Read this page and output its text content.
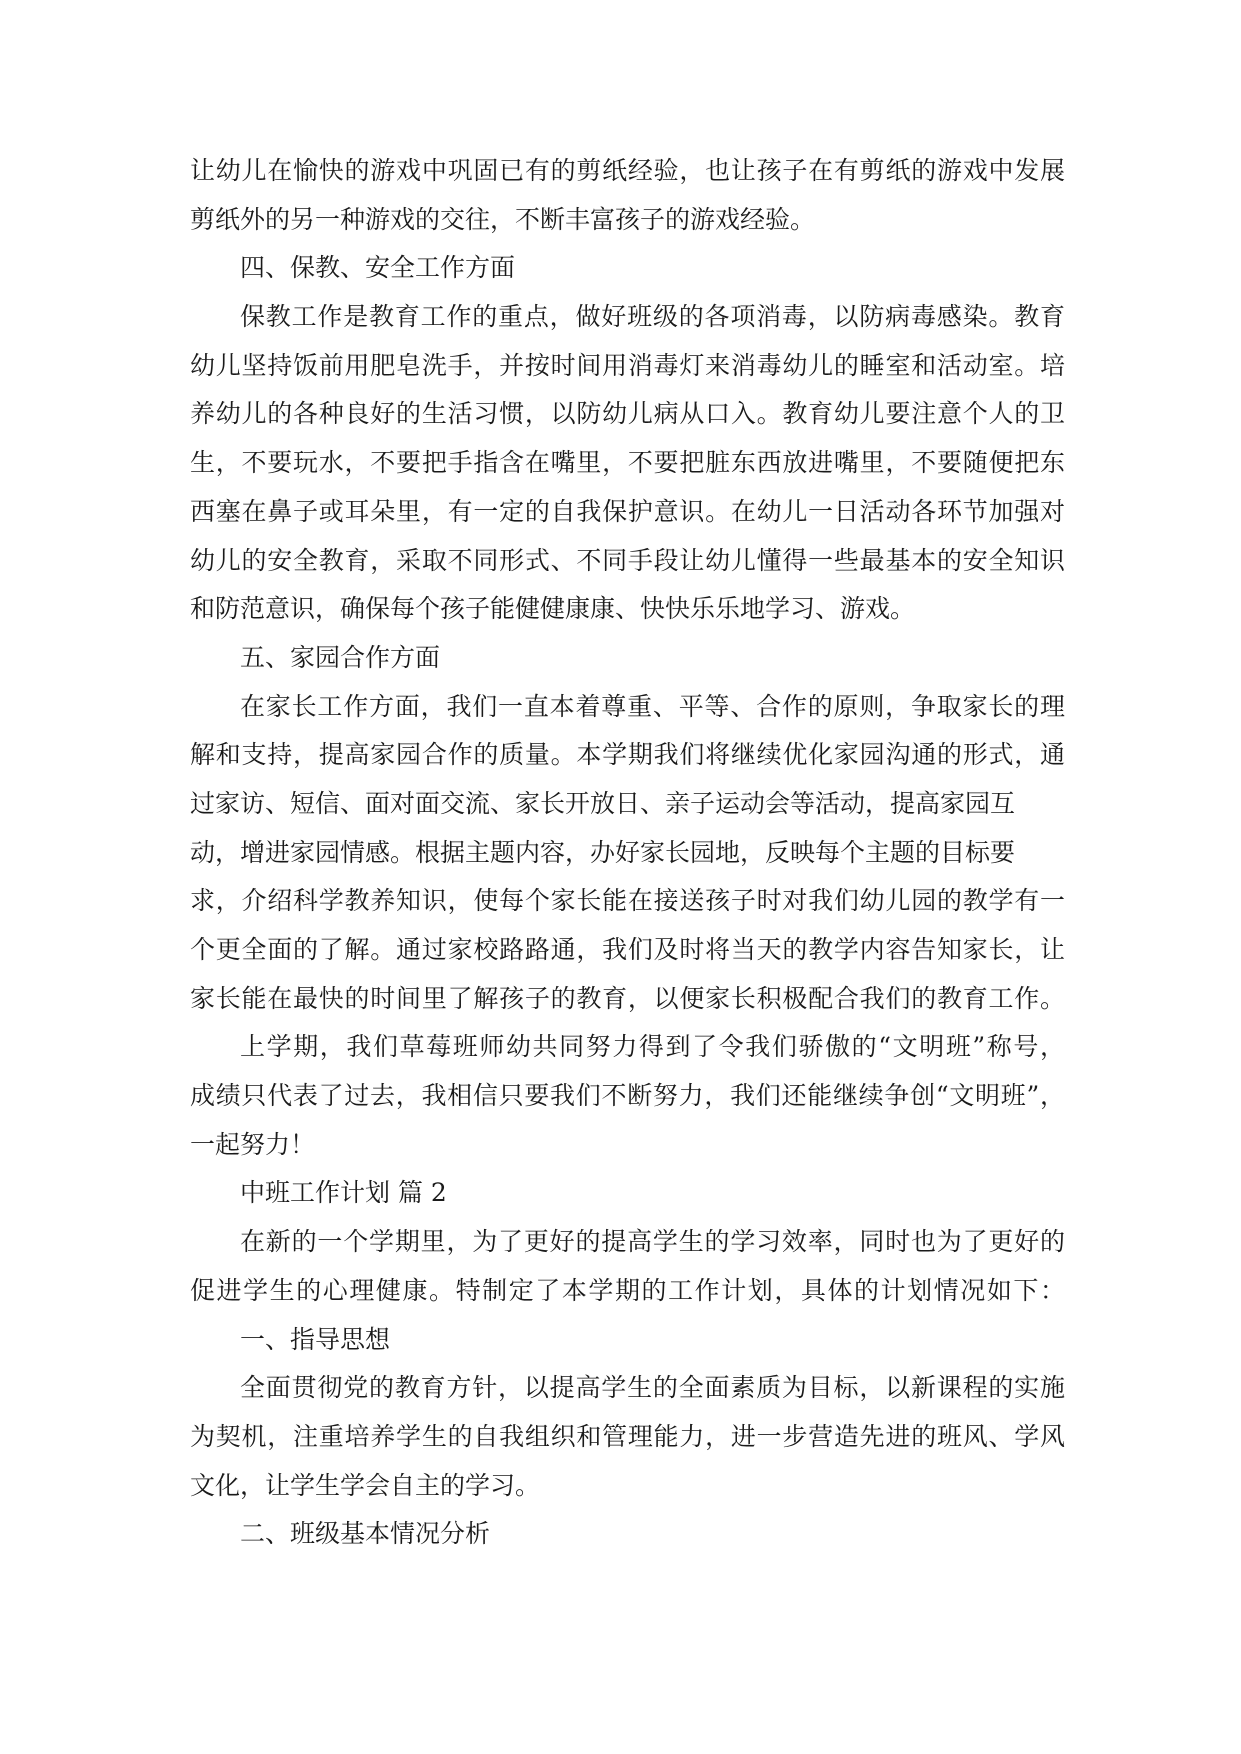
让幼儿在愉快的游戏中巩固已有的剪纸经验，也让孩子在有剪纸的游戏中发展
剪纸外的另一种游戏的交往，不断丰富孩子的游戏经验。
四、保教、安全工作方面
保教工作是教育工作的重点，做好班级的各项消毒，以防病毒感染。教育
幼儿坚持饭前用肥皂洗手，并按时间用消毒灯来消毒幼儿的睡室和活动室。培
养幼儿的各种良好的生活习惯，以防幼儿病从口入。教育幼儿要注意个人的卫
生，不要玩水，不要把手指含在嘴里，不要把脏东西放进嘴里，不要随便把东
西塞在鼻子或耳朵里，有一定的自我保护意识。在幼儿一日活动各环节加强对
幼儿的安全教育，采取不同形式、不同手段让幼儿懂得一些最基本的安全知识
和防范意识，确保每个孩子能健健康康、快快乐乐地学习、游戏。
五、家园合作方面
在家长工作方面，我们一直本着尊重、平等、合作的原则，争取家长的理
解和支持，提高家园合作的质量。本学期我们将继续优化家园沟通的形式，通
过家访、短信、面对面交流、家长开放日、亲子运动会等活动，提高家园互
动，增进家园情感。根据主题内容，办好家长园地，反映每个主题的目标要
求，介绍科学教养知识，使每个家长能在接送孩子时对我们幼儿园的教学有一
个更全面的了解。通过家校路路通，我们及时将当天的教学内容告知家长，让
家长能在最快的时间里了解孩子的教育，以便家长积极配合我们的教育工作。
上学期，我们草莓班师幼共同努力得到了令我们骄傲的“文明班”称号，
成绩只代表了过去，我相信只要我们不断努力，我们还能继续争创“文明班”，
一起努力！
中班工作计划 篇 2
在新的一个学期里，为了更好的提高学生的学习效率，同时也为了更好的
促进学生的心理健康。特制定了本学期的工作计划，具体的计划情况如下：
一、指导思想
全面贯彻党的教育方针，以提高学生的全面素质为目标，以新课程的实施
为契机，注重培养学生的自我组织和管理能力，进一步营造先进的班风、学风
文化，让学生学会自主的学习。
二、班级基本情况分析
